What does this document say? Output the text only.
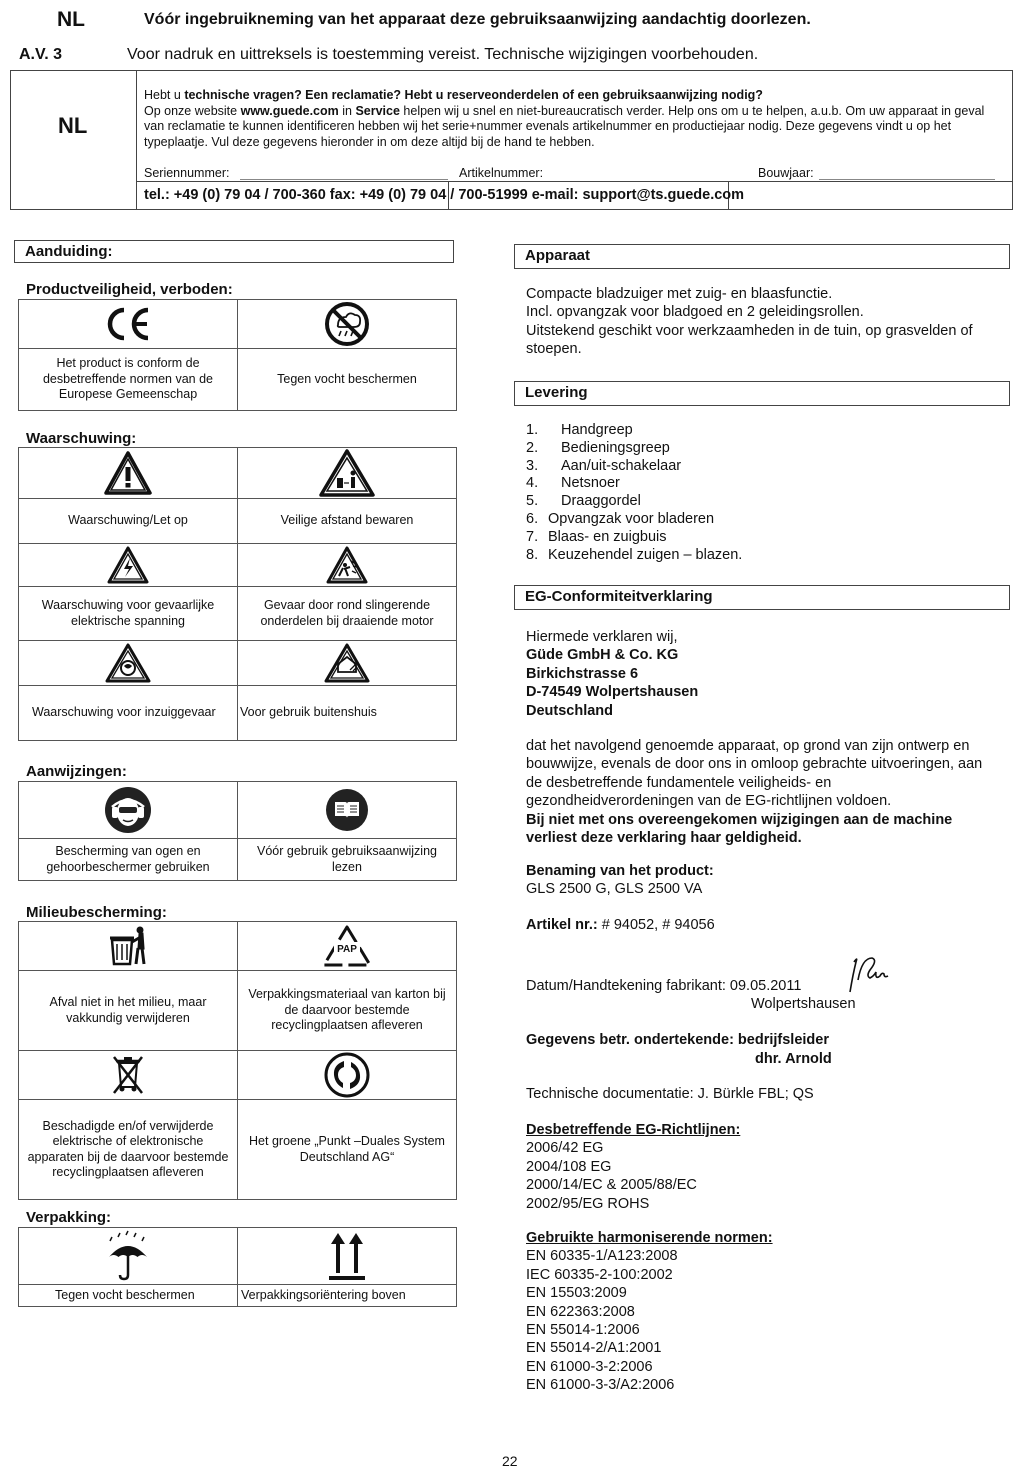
NL	Vóór ingebruikneming van het apparaat deze gebruiksaanwijzing aandachtig doorlezen.
A.V. 3	Voor nadruk en uittreksels is toestemming vereist. Technische wijzigingen voorbehouden.
NL
Hebt u technische vragen? Een reclamatie? Hebt u reserveonderdelen of een gebruiksaanwijzing nodig?
Op onze website www.guede.com in Service helpen wij u snel en niet-bureaucratisch verder. Help ons om u te helpen, a.u.b. Om uw apparaat in geval van reclamatie te kunnen identificeren hebben wij het serie+nummer evenals artikelnummer en productiejaar nodig. Deze gegevens vindt u op het typeplaatje. Vul deze gegevens hieronder in om deze altijd bij de hand te hebben.
Seriennummer:	Artikelnummer:	Bouwjaar:
tel.: +49 (0) 79 04 / 700-360 fax: +49 (0) 79 04 / 700-51999 e-mail: support@ts.guede.com
Aanduiding:
Productveiligheid, verboden:

Het product is conform de desbetreffende normen van de Europese Gemeenschap	Tegen vocht beschermen
Waarschuwing:

Waarschuwing/Let op	Veilige afstand bewaren

Waarschuwing voor gevaarlijke elektrische spanning	Gevaar door rond slingerende onderdelen bij draaiende motor

Waarschuwing voor inzuiggevaar	Voor gebruik buitenshuis
Aanwijzingen:

Bescherming van ogen en gehoorbeschermer gebruiken	Vóór gebruik gebruiksaanwijzing lezen
Milieubescherming:

PAP

Afval niet in het milieu, maar vakkundig verwijderen	Verpakkingsmateriaal van karton bij de daarvoor bestemde recyclingplaatsen afleveren

Beschadigde en/of verwijderde elektrische of elektronische apparaten bij de daarvoor bestemde recyclingplaatsen afleveren	Het groene „Punkt –Duales System Deutschland AG“
Verpakking:

Tegen vocht beschermen	Verpakkingsoriëntering boven
Apparaat
Compacte bladzuiger met zuig- en blaasfunctie.
Incl. opvangzak voor bladgoed en 2 geleidingsrollen.
Uitstekend geschikt voor werkzaamheden in de tuin, op grasvelden of stoepen.
Levering
1. Handgreep
2. Bedieningsgreep
3. Aan/uit-schakelaar
4. Netsnoer
5. Draaggordel
6. Opvangzak voor bladeren
7. Blaas- en zuigbuis
8. Keuzehendel zuigen – blazen.
EG-Conformiteitverklaring
Hiermede verklaren wij,
Güde GmbH & Co. KG
Birkichstrasse 6
D-74549 Wolpertshausen
Deutschland
dat het navolgend genoemde apparaat, op grond van zijn ontwerp en bouwwijze, evenals de door ons in omloop gebrachte uitvoeringen, aan de desbetreffende fundamentele veiligheids- en gezondheidverordeningen van de EG-richtlijnen voldoen.
Bij niet met ons overeengekomen wijzigingen aan de machine verliest deze verklaring haar geldigheid.
Benaming van het product:
GLS 2500 G, GLS 2500 VA
Artikel nr.: # 94052, # 94056
Datum/Handtekening fabrikant: 09.05.2011
Wolpertshausen
Gegevens betr. ondertekende: bedrijfsleider
dhr. Arnold
Technische documentatie: J. Bürkle FBL; QS
Desbetreffende EG-Richtlijnen:
2006/42 EG
2004/108 EG
2000/14/EC & 2005/88/EC
2002/95/EG ROHS
Gebruikte harmoniserende normen:
EN 60335-1/A123:2008
IEC 60335-2-100:2002
EN 15503:2009
EN 622363:2008
EN 55014-1:2006
EN 55014-2/A1:2001
EN 61000-3-2:2006
EN 61000-3-3/A2:2006
22
